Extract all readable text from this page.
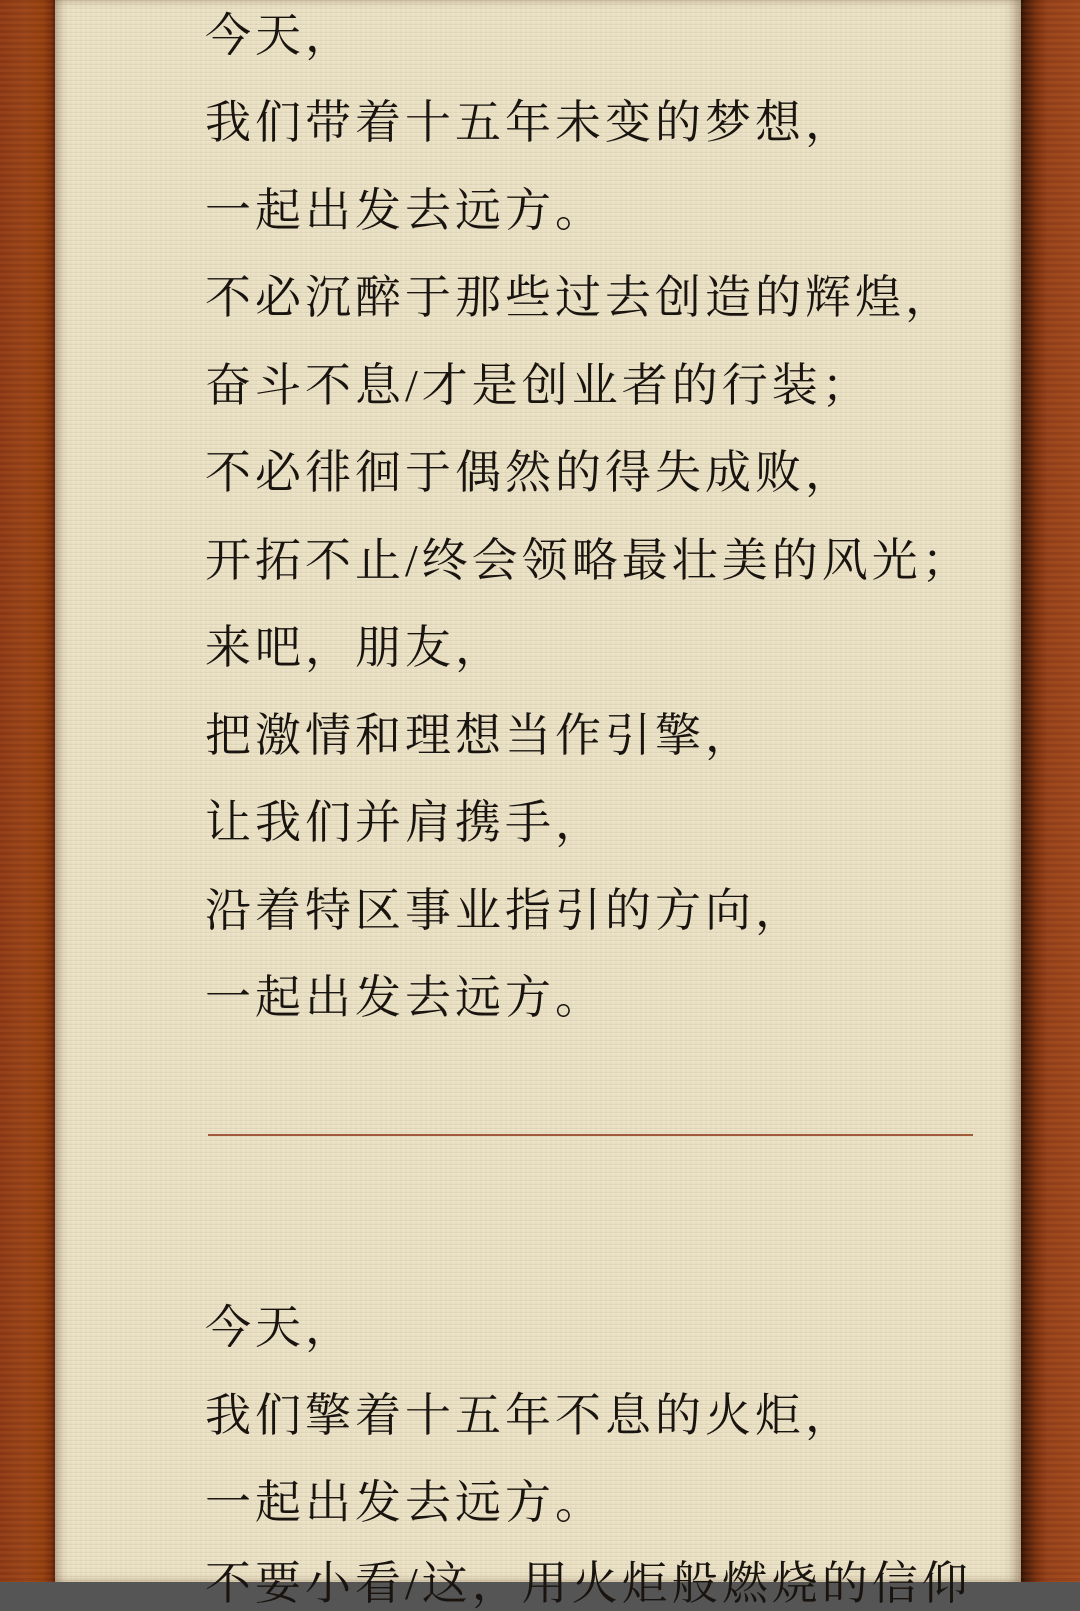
今天，
我们带着十五年未变的梦想，
一起出发去远方。
不必沉醉于那些过去创造的辉煌，
奋斗不息/才是创业者的行装；
不必徘徊于偶然的得失成败，
开拓不止/终会领略最壮美的风光；
来吧，朋友，
把激情和理想当作引擎，
让我们并肩携手，
沿着特区事业指引的方向，
一起出发去远方。
今天，
我们擎着十五年不息的火炬，
一起出发去远方。
不要小看/这，用火炬般燃烧的信仰
